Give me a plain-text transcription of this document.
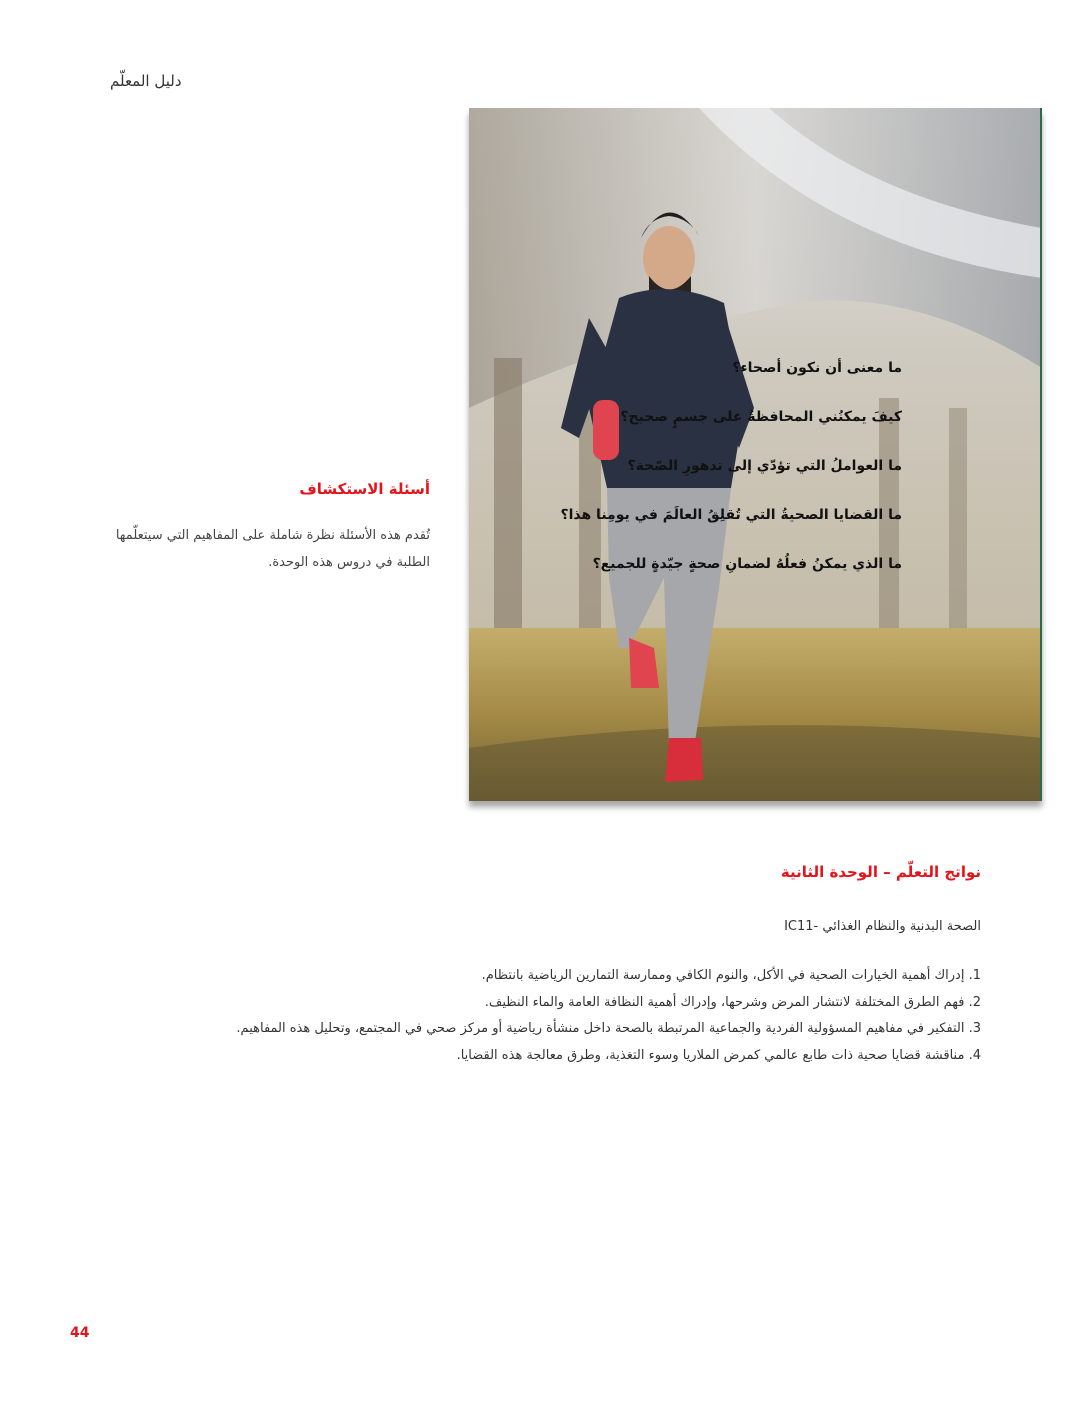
دليل المعلّم
ما معنى أن نكون أصحاء؟
كيفَ يمكنُني المحافظةُ على جسمٍ صحيح؟
ما العواملُ التي تؤدّي إلى تدهورِ الصّحة؟
ما القضايا الصحيةُ التي تُقلِقُ العالَمَ في يومِنا هذا؟
ما الذي يمكنُ فعلُهُ لضمانِ صحةٍ جيّدةٍ للجميع؟
أسئلة الاستكشاف
تُقدم هذه الأسئلة نظرة شاملة على المفاهيم التي سيتعلّمها الطلبة في دروس هذه الوحدة.
نواتج التعلّم – الوحدة الثانية
الصحة البدنية والنظام الغذائي -IC11
1. إدراك أهمية الخيارات الصحية في الأكل، والنوم الكافي وممارسة التمارين الرياضية بانتظام.
2. فهم الطرق المختلفة لانتشار المرض وشرحها، وإدراك أهمية النظافة العامة والماء النظيف.
3. التفكير في مفاهيم المسؤولية الفردية والجماعية المرتبطة بالصحة داخل منشأة رياضية أو مركز صحي في المجتمع، وتحليل هذه المفاهيم.
4. مناقشة قضايا صحية ذات طابع عالمي كمرض الملاريا وسوء التغذية، وطرق معالجة هذه القضايا.
44
